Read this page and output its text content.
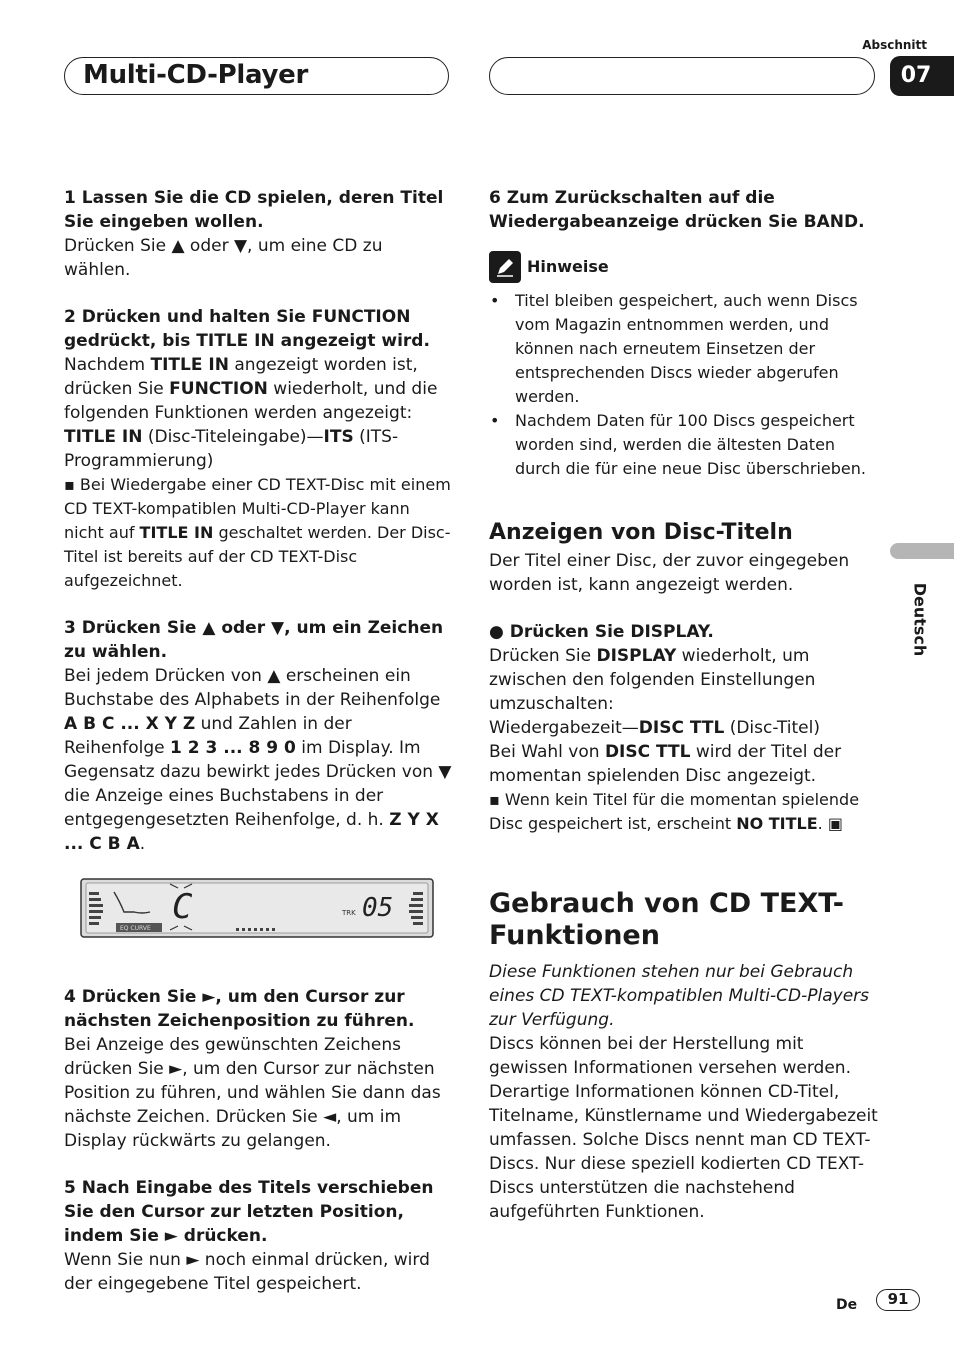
Abschnitt
Multi-CD-Player	07
Deutsch

1 Lassen Sie die CD spielen, deren Titel Sie eingeben wollen.

Drücken Sie ▲ oder ▼, um eine CD zu wählen.

2 Drücken und halten Sie FUNCTION gedrückt, bis TITLE IN angezeigt wird.

Nachdem TITLE IN angezeigt worden ist, drücken Sie FUNCTION wiederholt, und die folgenden Funktionen werden angezeigt:
TITLE IN (Disc-Titeleingabe)—ITS (ITS-Programmierung)

▪ Bei Wiedergabe einer CD TEXT-Disc mit einem CD TEXT-kompatiblen Multi-CD-Player kann nicht auf TITLE IN geschaltet werden. Der Disc-Titel ist bereits auf der CD TEXT-Disc aufgezeichnet.

3 Drücken Sie ▲ oder ▼, um ein Zeichen zu wählen.

Bei jedem Drücken von ▲ erscheinen ein Buchstabe des Alphabets in der Reihenfolge A B C ... X Y Z und Zahlen in der Reihenfolge 1 2 3 ... 8 9 0 im Display. Im Gegensatz dazu bewirkt jedes Drücken von ▼ die Anzeige eines Buchstabens in der entgegengesetzten Reihenfolge, d. h. Z Y X ... C B A.

C	TRK 05
EQ CURVE

4 Drücken Sie ►, um den Cursor zur nächsten Zeichenposition zu führen.

Bei Anzeige des gewünschten Zeichens drücken Sie ►, um den Cursor zur nächsten Position zu führen, und wählen Sie dann das nächste Zeichen. Drücken Sie ◄, um im Display rückwärts zu gelangen.

5 Nach Eingabe des Titels verschieben Sie den Cursor zur letzten Position, indem Sie ► drücken.

Wenn Sie nun ► noch einmal drücken, wird der eingegebene Titel gespeichert.

6 Zum Zurückschalten auf die Wiedergabeanzeige drücken Sie BAND.

Hinweise
• Titel bleiben gespeichert, auch wenn Discs vom Magazin entnommen werden, und können nach erneutem Einsetzen der entsprechenden Discs wieder abgerufen werden.
• Nachdem Daten für 100 Discs gespeichert worden sind, werden die ältesten Daten durch die für eine neue Disc überschrieben.
Anzeigen von Disc-Titeln

Der Titel einer Disc, der zuvor eingegeben worden ist, kann angezeigt werden.

● Drücken Sie DISPLAY.

Drücken Sie DISPLAY wiederholt, um zwischen den folgenden Einstellungen umzuschalten:
Wiedergabezeit—DISC TTL (Disc-Titel)
Bei Wahl von DISC TTL wird der Titel der momentan spielenden Disc angezeigt.

▪ Wenn kein Titel für die momentan spielende Disc gespeichert ist, erscheint NO TITLE. ▣

Gebrauch von CD TEXT-Funktionen

Diese Funktionen stehen nur bei Gebrauch eines CD TEXT-kompatiblen Multi-CD-Players zur Verfügung.

Discs können bei der Herstellung mit gewissen Informationen versehen werden. Derartige Informationen können CD-Titel, Titelname, Künstlername und Wiedergabezeit umfassen. Solche Discs nennt man CD TEXT-Discs. Nur diese speziell kodierten CD TEXT-Discs unterstützen die nachstehend aufgeführten Funktionen.

De	91
